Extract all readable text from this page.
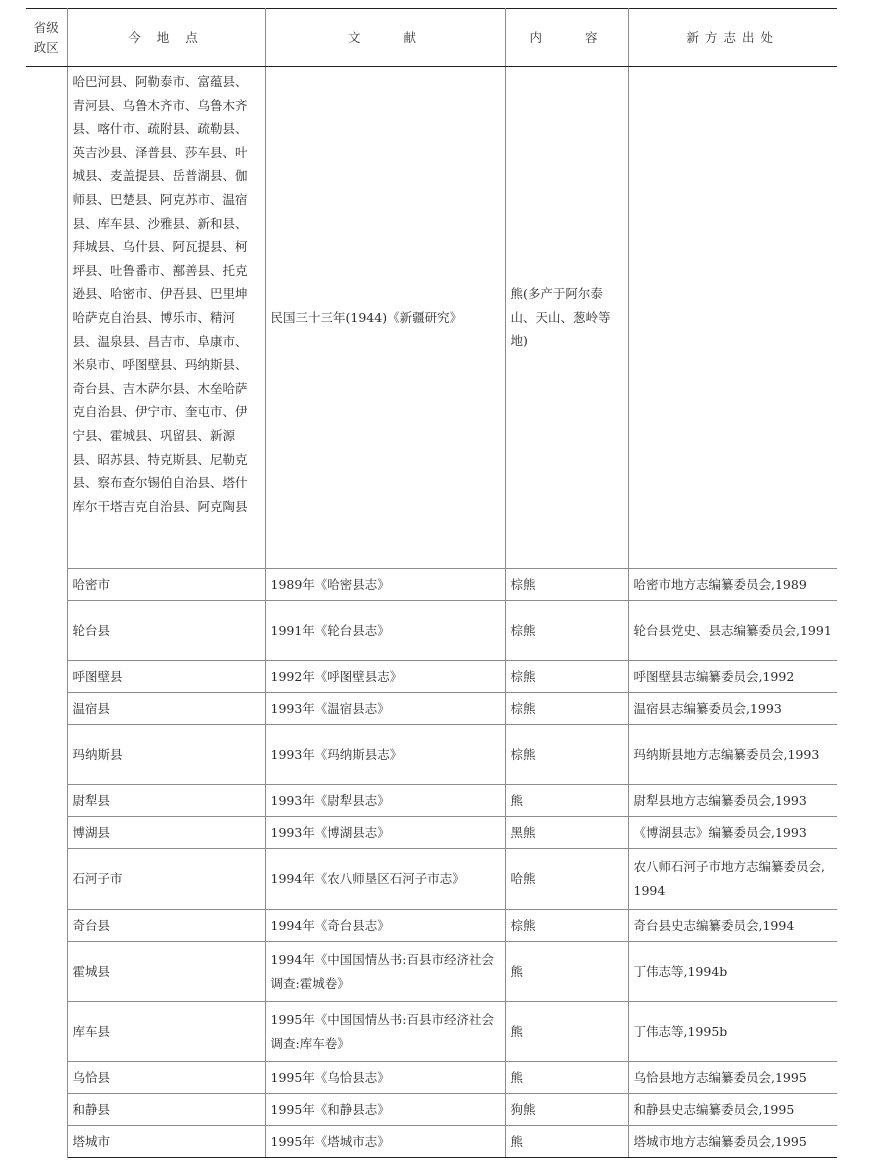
省级政区	今 地 点	文　　献	内　　容	新方志出处
	哈巴河县、阿勒泰市、富蕴县、青河县、乌鲁木齐市、乌鲁木齐县、喀什市、疏附县、疏勒县、英吉沙县、泽普县、莎车县、叶城县、麦盖提县、岳普湖县、伽师县、巴楚县、阿克苏市、温宿县、库车县、沙雅县、新和县、拜城县、乌什县、阿瓦提县、柯坪县、吐鲁番市、鄯善县、托克逊县、哈密市、伊吾县、巴里坤哈萨克自治县、博乐市、精河县、温泉县、昌吉市、阜康市、米泉市、呼图壁县、玛纳斯县、奇台县、吉木萨尔县、木垒哈萨克自治县、伊宁市、奎屯市、伊宁县、霍城县、巩留县、新源县、昭苏县、特克斯县、尼勒克县、察布查尔锡伯自治县、塔什库尔干塔吉克自治县、阿克陶县	民国三十三年(1944)《新疆研究》	熊(多产于阿尔泰山、天山、葱岭等地)	
	哈密市	1989年《哈密县志》	棕熊	哈密市地方志编纂委员会,1989
	轮台县	1991年《轮台县志》	棕熊	轮台县党史、县志编纂委员会,1991
	呼图壁县	1992年《呼图壁县志》	棕熊	呼图壁县志编纂委员会,1992
	温宿县	1993年《温宿县志》	棕熊	温宿县志编纂委员会,1993
	玛纳斯县	1993年《玛纳斯县志》	棕熊	玛纳斯县地方志编纂委员会,1993
	尉犁县	1993年《尉犁县志》	熊	尉犁县地方志编纂委员会,1993
	博湖县	1993年《博湖县志》	黑熊	《博湖县志》编纂委员会,1993
	石河子市	1994年《农八师垦区石河子市志》	哈熊	农八师石河子市地方志编纂委员会,1994
	奇台县	1994年《奇台县志》	棕熊	奇台县史志编纂委员会,1994
	霍城县	1994年《中国国情丛书:百县市经济社会调查:霍城卷》	熊	丁伟志等,1994b
	库车县	1995年《中国国情丛书:百县市经济社会调查:库车卷》	熊	丁伟志等,1995b
	乌恰县	1995年《乌恰县志》	熊	乌恰县地方志编纂委员会,1995
	和静县	1995年《和静县志》	狗熊	和静县史志编纂委员会,1995
	塔城市	1995年《塔城市志》	熊	塔城市地方志编纂委员会,1995
